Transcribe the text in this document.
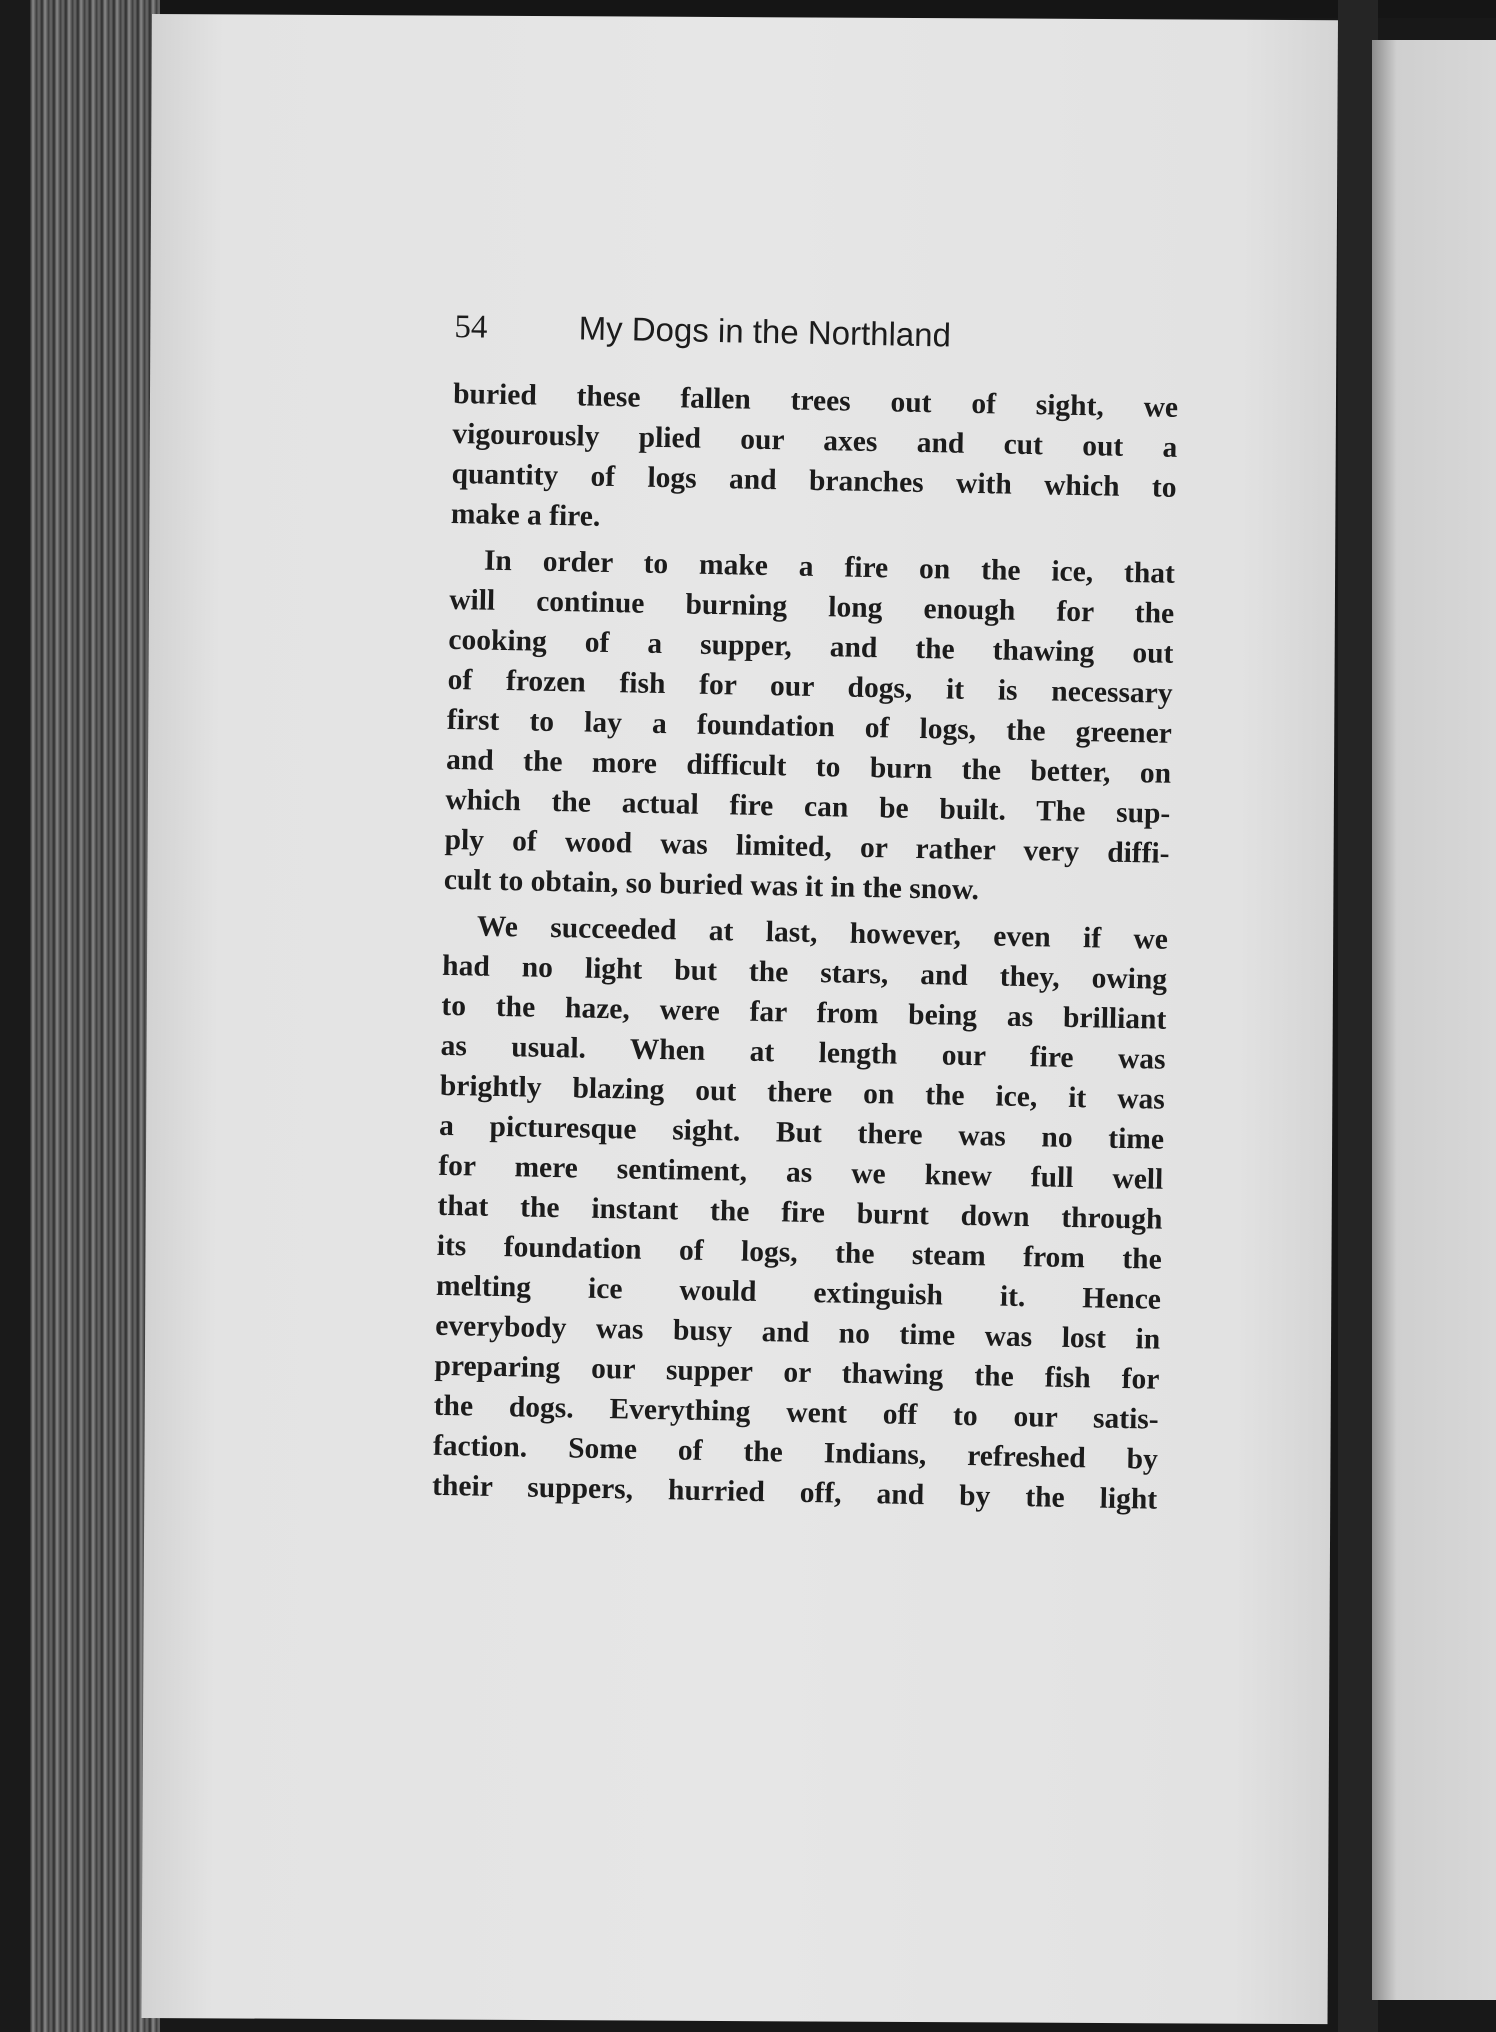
54	My Dogs in the Northland
buried these fallen trees out of sight, we
vigourously plied our axes and cut out a
quantity of logs and branches with which to
make a fire.
In order to make a fire on the ice, that
will continue burning long enough for the
cooking of a supper, and the thawing out
of frozen fish for our dogs, it is necessary
first to lay a foundation of logs, the greener
and the more difficult to burn the better, on
which the actual fire can be built. The sup-
ply of wood was limited, or rather very diffi-
cult to obtain, so buried was it in the snow.
We succeeded at last, however, even if we
had no light but the stars, and they, owing
to the haze, were far from being as brilliant
as usual. When at length our fire was
brightly blazing out there on the ice, it was
a picturesque sight. But there was no time
for mere sentiment, as we knew full well
that the instant the fire burnt down through
its foundation of logs, the steam from the
melting ice would extinguish it. Hence
everybody was busy and no time was lost in
preparing our supper or thawing the fish for
the dogs. Everything went off to our satis-
faction. Some of the Indians, refreshed by
their suppers, hurried off, and by the light
